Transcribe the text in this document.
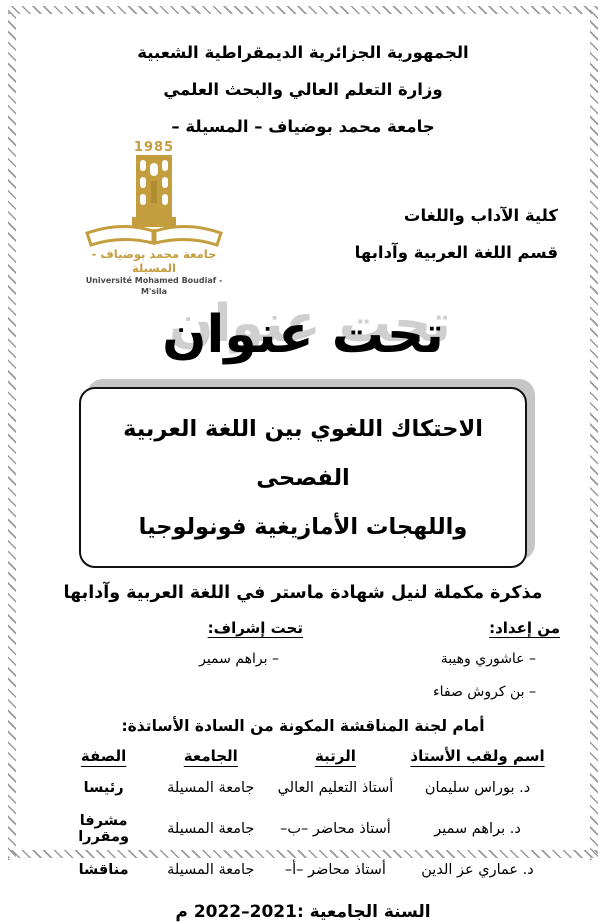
الجمهورية الجزائرية الديمقراطية الشعبية
وزارة التعلم العالي والبحث العلمي
جامعة محمد بوضياف – المسيلة –
1985
جامعة محمد بوضياف - المسيلة
Université Mohamed Boudiaf - M'sila
كلية الآداب واللغات
قسم اللغة العربية وآدابها
تحت عنوان
الاحتكاك اللغوي بين اللغة العربية الفصحى
واللهجات الأمازيغية فونولوجيا
مذكرة مكملة لنيل شهادة ماستر في اللغة العربية وآدابها
من إعداد:
– عاشوري وهيبة
– بن كروش صفاء
تحت إشراف:
– براهم سمير
أمام لجنة المناقشة المكونة من السادة الأساتذة:
اسم ولقب الأستاذ	الرتبة	الجامعة	الصفة
د. بوراس سليمان	أستاذ التعليم العالي	جامعة المسيلة	رئيسا
د. براهم سمير	أستاذ محاضر –ب–	جامعة المسيلة	مشرفا ومقررا
د. عماري عز الدين	أستاذ محاضر –أ–	جامعة المسيلة	مناقشا
السنة الجامعية :2021–2022 م
